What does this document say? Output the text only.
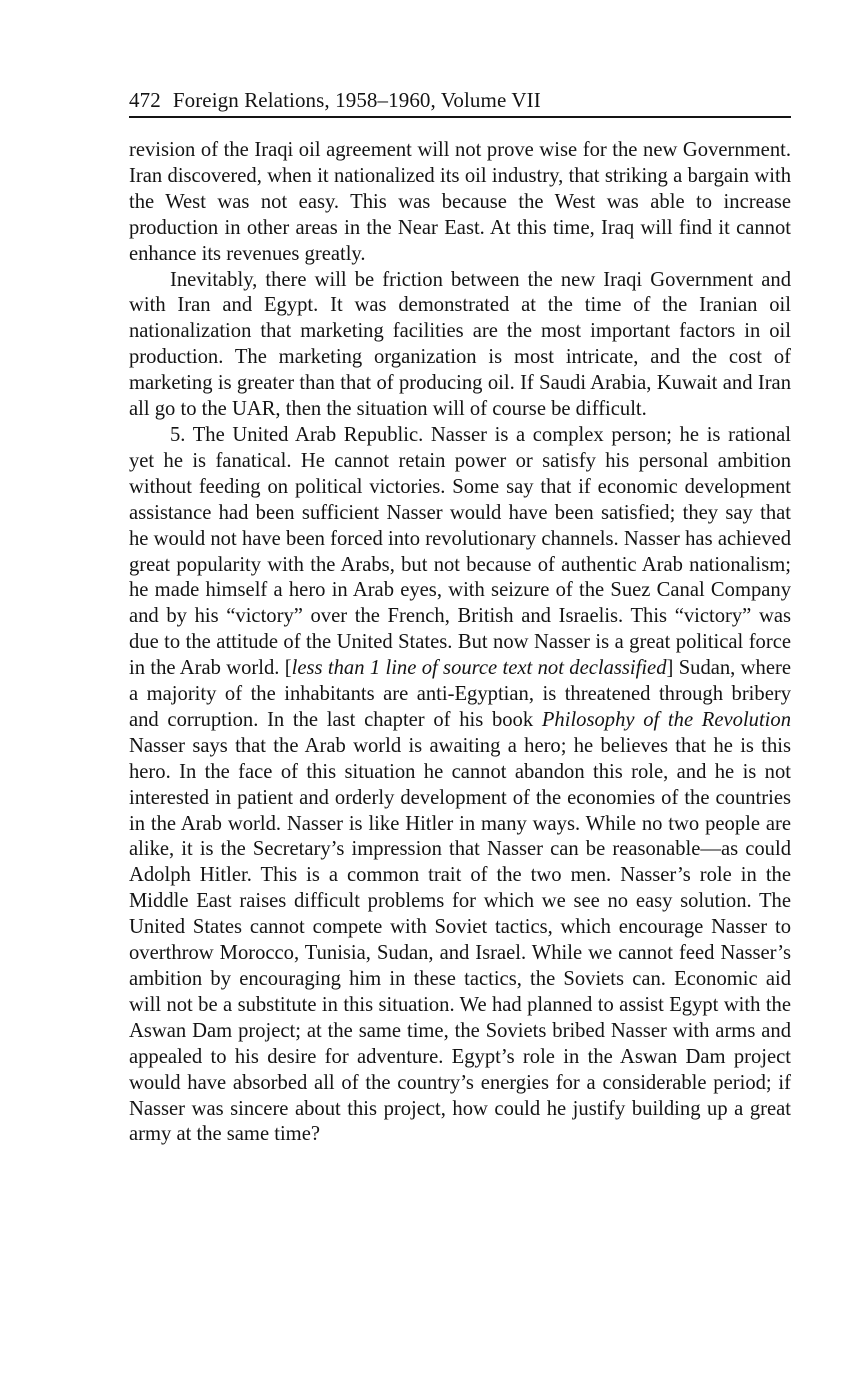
472 Foreign Relations, 1958–1960, Volume VII

revision of the Iraqi oil agreement will not prove wise for the new Government. Iran discovered, when it nationalized its oil industry, that striking a bargain with the West was not easy. This was because the West was able to increase production in other areas in the Near East. At this time, Iraq will find it cannot enhance its revenues greatly.

Inevitably, there will be friction between the new Iraqi Government and with Iran and Egypt. It was demonstrated at the time of the Iranian oil nationalization that marketing facilities are the most important factors in oil production. The marketing organization is most intricate, and the cost of marketing is greater than that of producing oil. If Saudi Arabia, Kuwait and Iran all go to the UAR, then the situation will of course be difficult.

5. The United Arab Republic. Nasser is a complex person; he is rational yet he is fanatical. He cannot retain power or satisfy his personal ambition without feeding on political victories. Some say that if economic development assistance had been sufficient Nasser would have been satisfied; they say that he would not have been forced into revolutionary channels. Nasser has achieved great popularity with the Arabs, but not because of authentic Arab nationalism; he made himself a hero in Arab eyes, with seizure of the Suez Canal Company and by his “victory” over the French, British and Israelis. This “victory” was due to the attitude of the United States. But now Nasser is a great political force in the Arab world. [less than 1 line of source text not declassified] Sudan, where a majority of the inhabitants are anti-Egyptian, is threatened through bribery and corruption. In the last chapter of his book Philosophy of the Revolution Nasser says that the Arab world is awaiting a hero; he believes that he is this hero. In the face of this situation he cannot abandon this role, and he is not interested in patient and orderly development of the economies of the countries in the Arab world. Nasser is like Hitler in many ways. While no two people are alike, it is the Secretary’s impression that Nasser can be reasonable—as could Adolph Hitler. This is a common trait of the two men. Nasser’s role in the Middle East raises difficult problems for which we see no easy solution. The United States cannot compete with Soviet tactics, which encourage Nasser to overthrow Morocco, Tunisia, Sudan, and Israel. While we cannot feed Nasser’s ambition by encouraging him in these tactics, the Soviets can. Economic aid will not be a substitute in this situation. We had planned to assist Egypt with the Aswan Dam project; at the same time, the Soviets bribed Nasser with arms and appealed to his desire for adventure. Egypt’s role in the Aswan Dam project would have absorbed all of the country’s energies for a considerable period; if Nasser was sincere about this project, how could he justify building up a great army at the same time?
